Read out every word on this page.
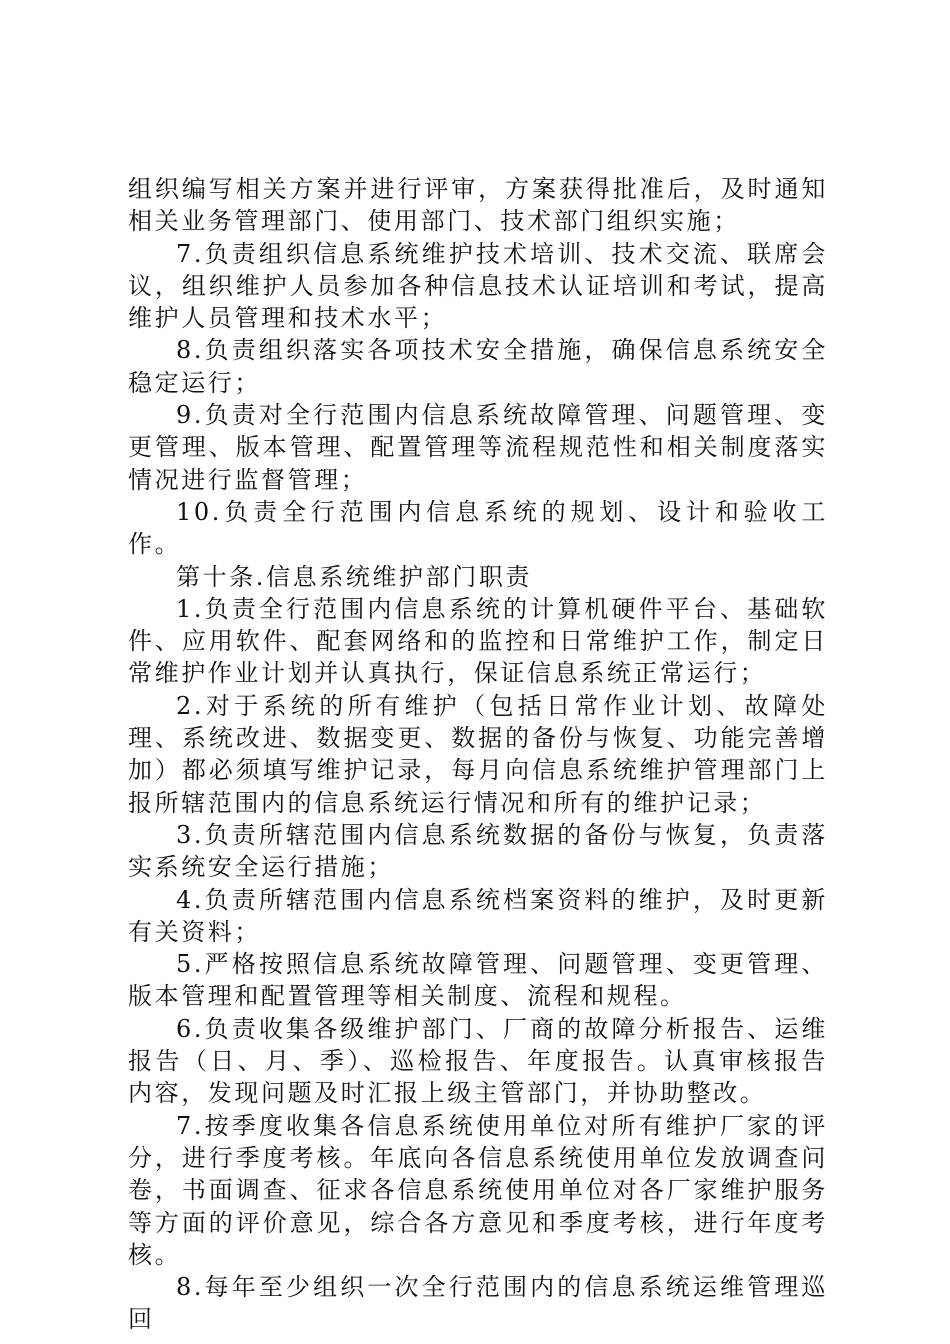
组织编写相关方案并进行评审，方案获得批准后，及时通知相关业务管理部门、使用部门、技术部门组织实施；

7.负责组织信息系统维护技术培训、技术交流、联席会议，组织维护人员参加各种信息技术认证培训和考试，提高维护人员管理和技术水平；

8.负责组织落实各项技术安全措施，确保信息系统安全稳定运行；

9.负责对全行范围内信息系统故障管理、问题管理、变更管理、版本管理、配置管理等流程规范性和相关制度落实情况进行监督管理；

10.负责全行范围内信息系统的规划、设计和验收工作。

第十条.信息系统维护部门职责

1.负责全行范围内信息系统的计算机硬件平台、基础软件、应用软件、配套网络和的监控和日常维护工作，制定日常维护作业计划并认真执行，保证信息系统正常运行；

2.对于系统的所有维护（包括日常作业计划、故障处理、系统改进、数据变更、数据的备份与恢复、功能完善增加）都必须填写维护记录，每月向信息系统维护管理部门上报所辖范围内的信息系统运行情况和所有的维护记录；

3.负责所辖范围内信息系统数据的备份与恢复，负责落实系统安全运行措施；

4.负责所辖范围内信息系统档案资料的维护，及时更新有关资料；

5.严格按照信息系统故障管理、问题管理、变更管理、版本管理和配置管理等相关制度、流程和规程。

6.负责收集各级维护部门、厂商的故障分析报告、运维报告（日、月、季）、巡检报告、年度报告。认真审核报告内容，发现问题及时汇报上级主管部门，并协助整改。

7.按季度收集各信息系统使用单位对所有维护厂家的评分，进行季度考核。年底向各信息系统使用单位发放调查问卷，书面调查、征求各信息系统使用单位对各厂家维护服务等方面的评价意见，综合各方意见和季度考核，进行年度考核。

8.每年至少组织一次全行范围内的信息系统运维管理巡回
